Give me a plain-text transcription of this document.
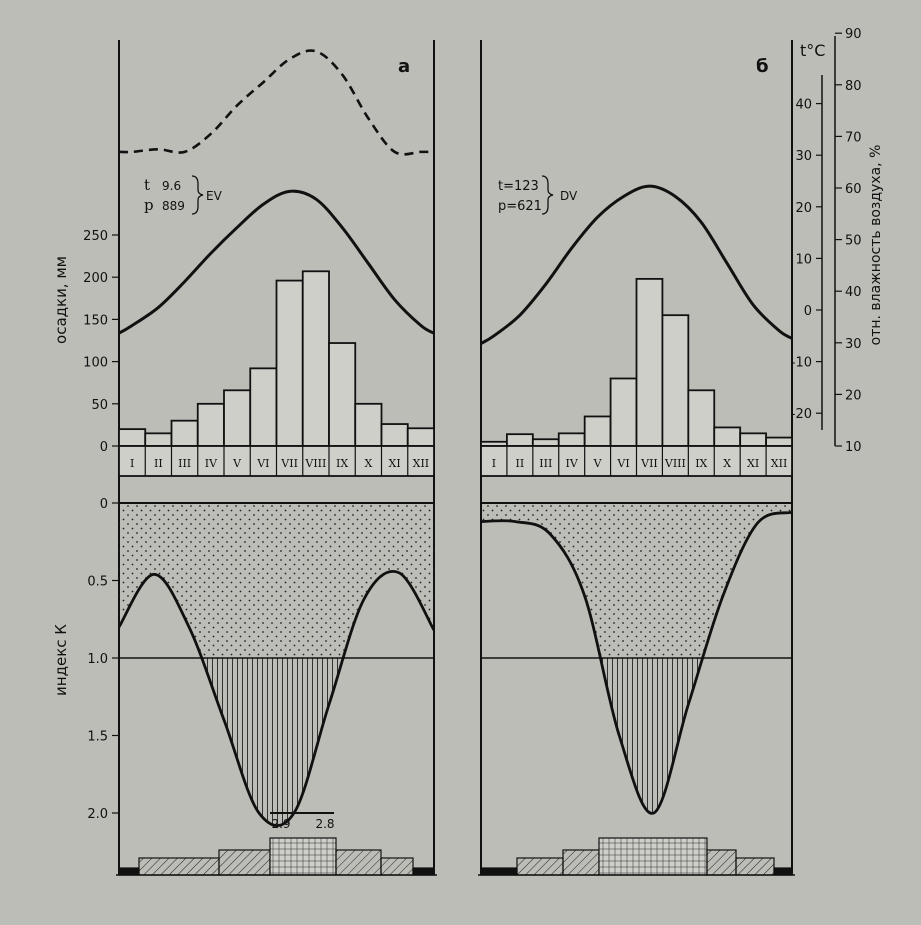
I II III IV V VI VII VIII IX X XI XII
0
50
100
150
200
250
I II III IV V VI VII VIII IX X XI XII
0
0.5
1.0
1.5
2.0
-20
-10
0
10
20
30
40
10
20
30
40
50
60
70
80
90
а	б
осадки, мм
индекс К
отн. влажность воздуха, %
t°C
t 9.6
p 889
EV
t=123
p=621
DV
2.9 2.8
